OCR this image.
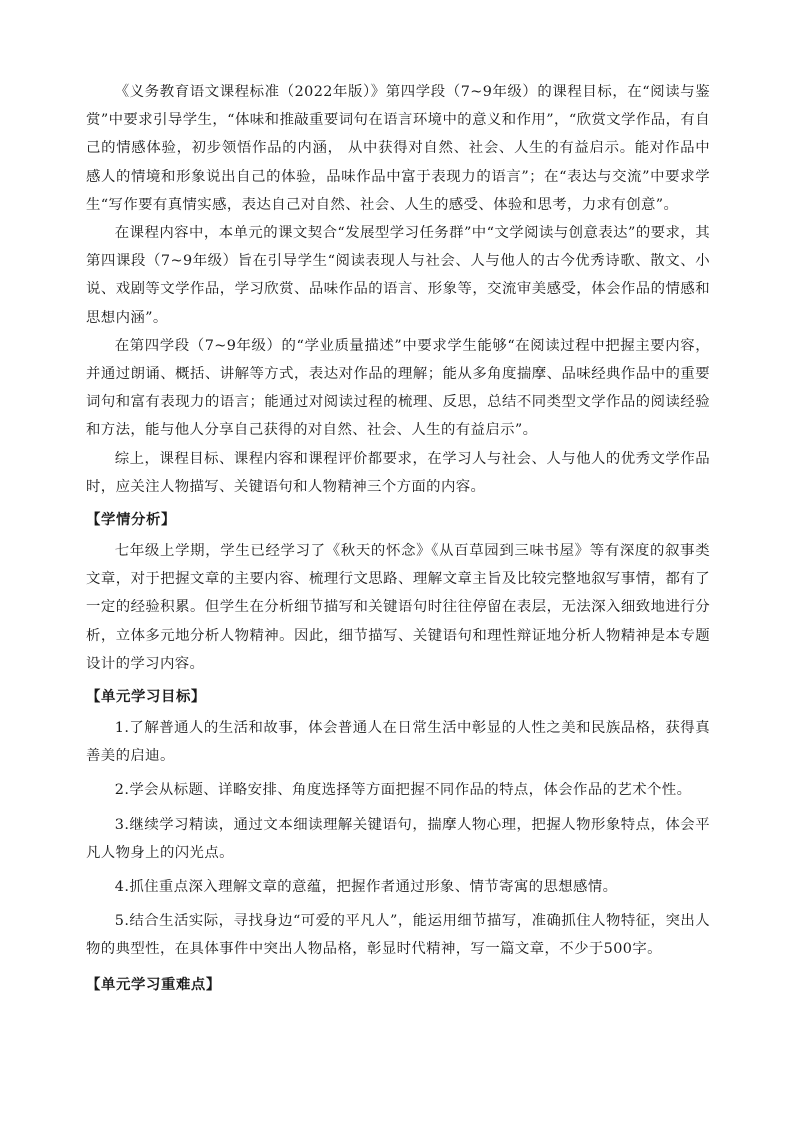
《义务教育语文课程标准（2022年版）》第四学段（7~9年级）的课程目标，在“阅读与鉴赏”中要求引导学生，“体味和推敲重要词句在语言环境中的意义和作用”，“欣赏文学作品，有自己的情感体验，初步领悟作品的内涵， 从中获得对自然、社会、人生的有益启示。能对作品中感人的情境和形象说出自己的体验，品味作品中富于表现力的语言”；在“表达与交流”中要求学生“写作要有真情实感，表达自己对自然、社会、人生的感受、体验和思考，力求有创意”。

在课程内容中，本单元的课文契合“发展型学习任务群”中“文学阅读与创意表达”的要求，其第四课段（7~9年级）旨在引导学生“阅读表现人与社会、人与他人的古今优秀诗歌、散文、小说、戏剧等文学作品，学习欣赏、品味作品的语言、形象等，交流审美感受，体会作品的情感和思想内涵”。

在第四学段（7~9年级）的“学业质量描述”中要求学生能够“在阅读过程中把握主要内容，并通过朗诵、概括、讲解等方式，表达对作品的理解；能从多角度揣摩、品味经典作品中的重要词句和富有表现力的语言；能通过对阅读过程的梳理、反思，总结不同类型文学作品的阅读经验和方法，能与他人分享自己获得的对自然、社会、人生的有益启示”。

综上，课程目标、课程内容和课程评价都要求，在学习人与社会、人与他人的优秀文学作品时，应关注人物描写、关键语句和人物精神三个方面的内容。

【学情分析】

七年级上学期，学生已经学习了《秋天的怀念》《从百草园到三味书屋》等有深度的叙事类文章，对于把握文章的主要内容、梳理行文思路、理解文章主旨及比较完整地叙写事情，都有了一定的经验积累。但学生在分析细节描写和关键语句时往往停留在表层，无法深入细致地进行分析，立体多元地分析人物精神。因此，细节描写、关键语句和理性辩证地分析人物精神是本专题设计的学习内容。

【单元学习目标】

1.了解普通人的生活和故事，体会普通人在日常生活中彰显的人性之美和民族品格，获得真善美的启迪。

2.学会从标题、详略安排、角度选择等方面把握不同作品的特点，体会作品的艺术个性。

3.继续学习精读，通过文本细读理解关键语句，揣摩人物心理，把握人物形象特点，体会平凡人物身上的闪光点。

4.抓住重点深入理解文章的意蕴，把握作者通过形象、情节寄寓的思想感情。

5.结合生活实际，寻找身边“可爱的平凡人”，能运用细节描写，准确抓住人物特征，突出人物的典型性，在具体事件中突出人物品格，彰显时代精神，写一篇文章，不少于500字。

【单元学习重难点】
